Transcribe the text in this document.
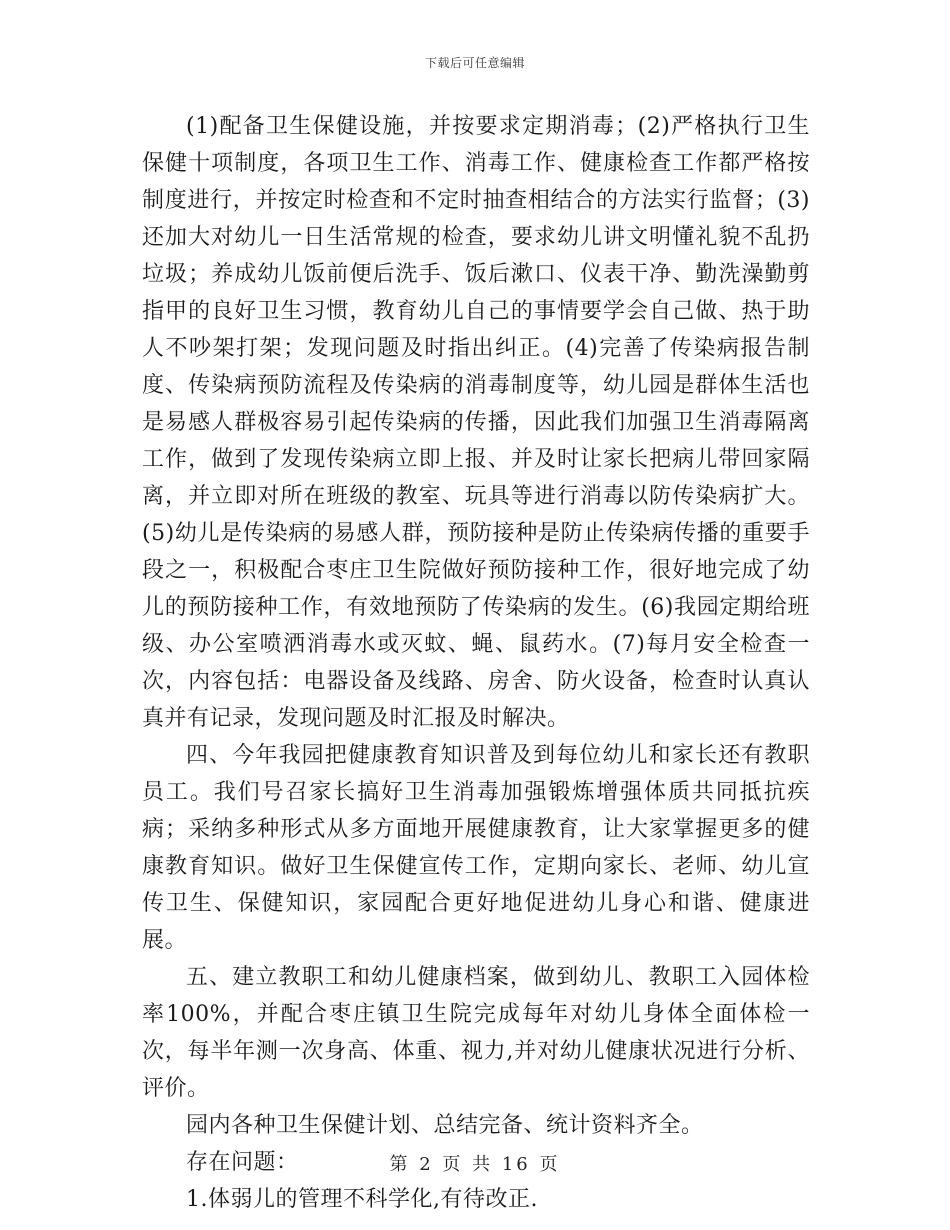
下载后可任意编辑

(1)配备卫生保健设施，并按要求定期消毒；(2)严格执行卫生保健十项制度，各项卫生工作、消毒工作、健康检查工作都严格按制度进行，并按定时检查和不定时抽查相结合的方法实行监督；(3)还加大对幼儿一日生活常规的检查，要求幼儿讲文明懂礼貌不乱扔垃圾；养成幼儿饭前便后洗手、饭后漱口、仪表干净、勤洗澡勤剪指甲的良好卫生习惯，教育幼儿自己的事情要学会自己做、热于助人不吵架打架；发现问题及时指出纠正。(4)完善了传染病报告制度、传染病预防流程及传染病的消毒制度等，幼儿园是群体生活也是易感人群极容易引起传染病的传播，因此我们加强卫生消毒隔离工作，做到了发现传染病立即上报、并及时让家长把病儿带回家隔离，并立即对所在班级的教室、玩具等进行消毒以防传染病扩大。(5)幼儿是传染病的易感人群，预防接种是防止传染病传播的重要手段之一，积极配合枣庄卫生院做好预防接种工作，很好地完成了幼儿的预防接种工作，有效地预防了传染病的发生。(6)我园定期给班级、办公室喷洒消毒水或灭蚊、蝇、鼠药水。(7)每月安全检查一次，内容包括：电器设备及线路、房舍、防火设备，检查时认真认真并有记录，发现问题及时汇报及时解决。

四、今年我园把健康教育知识普及到每位幼儿和家长还有教职员工。我们号召家长搞好卫生消毒加强锻炼增强体质共同抵抗疾病；采纳多种形式从多方面地开展健康教育，让大家掌握更多的健康教育知识。做好卫生保健宣传工作，定期向家长、老师、幼儿宣传卫生、保健知识，家园配合更好地促进幼儿身心和谐、健康进展。

五、建立教职工和幼儿健康档案，做到幼儿、教职工入园体检率100%，并配合枣庄镇卫生院完成每年对幼儿身体全面体检一次，每半年测一次身高、体重、视力,并对幼儿健康状况进行分析、评价。

园内各种卫生保健计划、总结完备、统计资料齐全。

存在问题：

1.体弱儿的管理不科学化,有待改正.

第 2 页 共 16 页
